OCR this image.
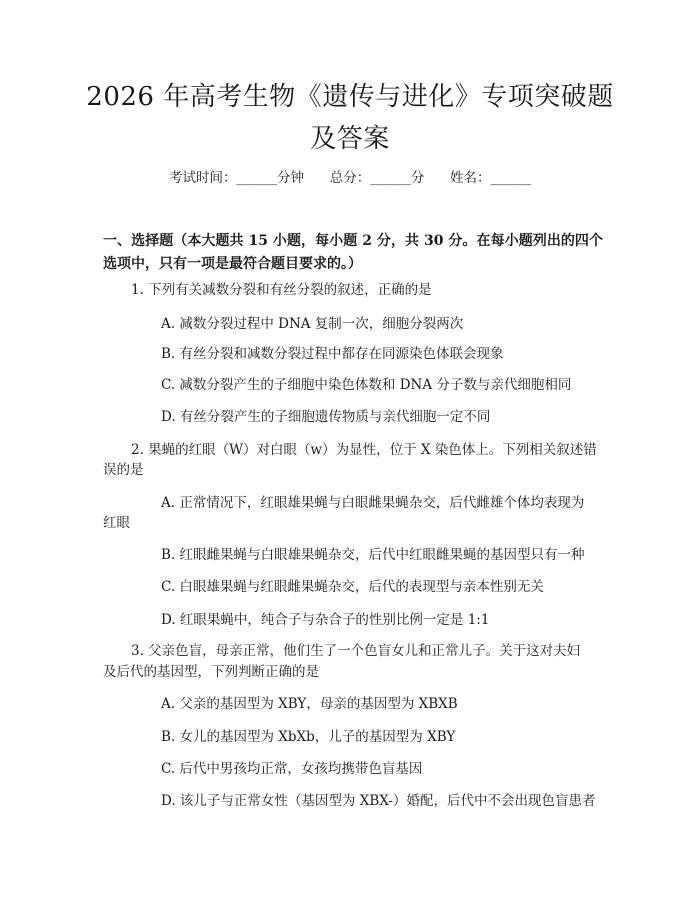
2026 年高考生物《遗传与进化》专项突破题
及答案
考试时间：______分钟      总分：______分      姓名：______
一、选择题（本大题共 15 小题，每小题 2 分，共 30 分。在每小题列出的四个选项中，只有一项是最符合题目要求的。）
1. 下列有关减数分裂和有丝分裂的叙述，正确的是
A. 减数分裂过程中 DNA 复制一次，细胞分裂两次
B. 有丝分裂和减数分裂过程中都存在同源染色体联会现象
C. 减数分裂产生的子细胞中染色体数和 DNA 分子数与亲代细胞相同
D. 有丝分裂产生的子细胞遗传物质与亲代细胞一定不同
2. 果蝇的红眼（W）对白眼（w）为显性，位于 X 染色体上。下列相关叙述错
误的是
A. 正常情况下，红眼雄果蝇与白眼雌果蝇杂交，后代雌雄个体均表现为
红眼
B. 红眼雌果蝇与白眼雄果蝇杂交，后代中红眼雌果蝇的基因型只有一种
C. 白眼雄果蝇与红眼雌果蝇杂交，后代的表现型与亲本性别无关
D. 红眼果蝇中，纯合子与杂合子的性别比例一定是 1:1
3. 父亲色盲，母亲正常，他们生了一个色盲女儿和正常儿子。关于这对夫妇
及后代的基因型，下列判断正确的是
A. 父亲的基因型为 XBY，母亲的基因型为 XBXB
B. 女儿的基因型为 XbXb，儿子的基因型为 XBY
C. 后代中男孩均正常，女孩均携带色盲基因
D. 该儿子与正常女性（基因型为 XBX-）婚配，后代中不会出现色盲患者
